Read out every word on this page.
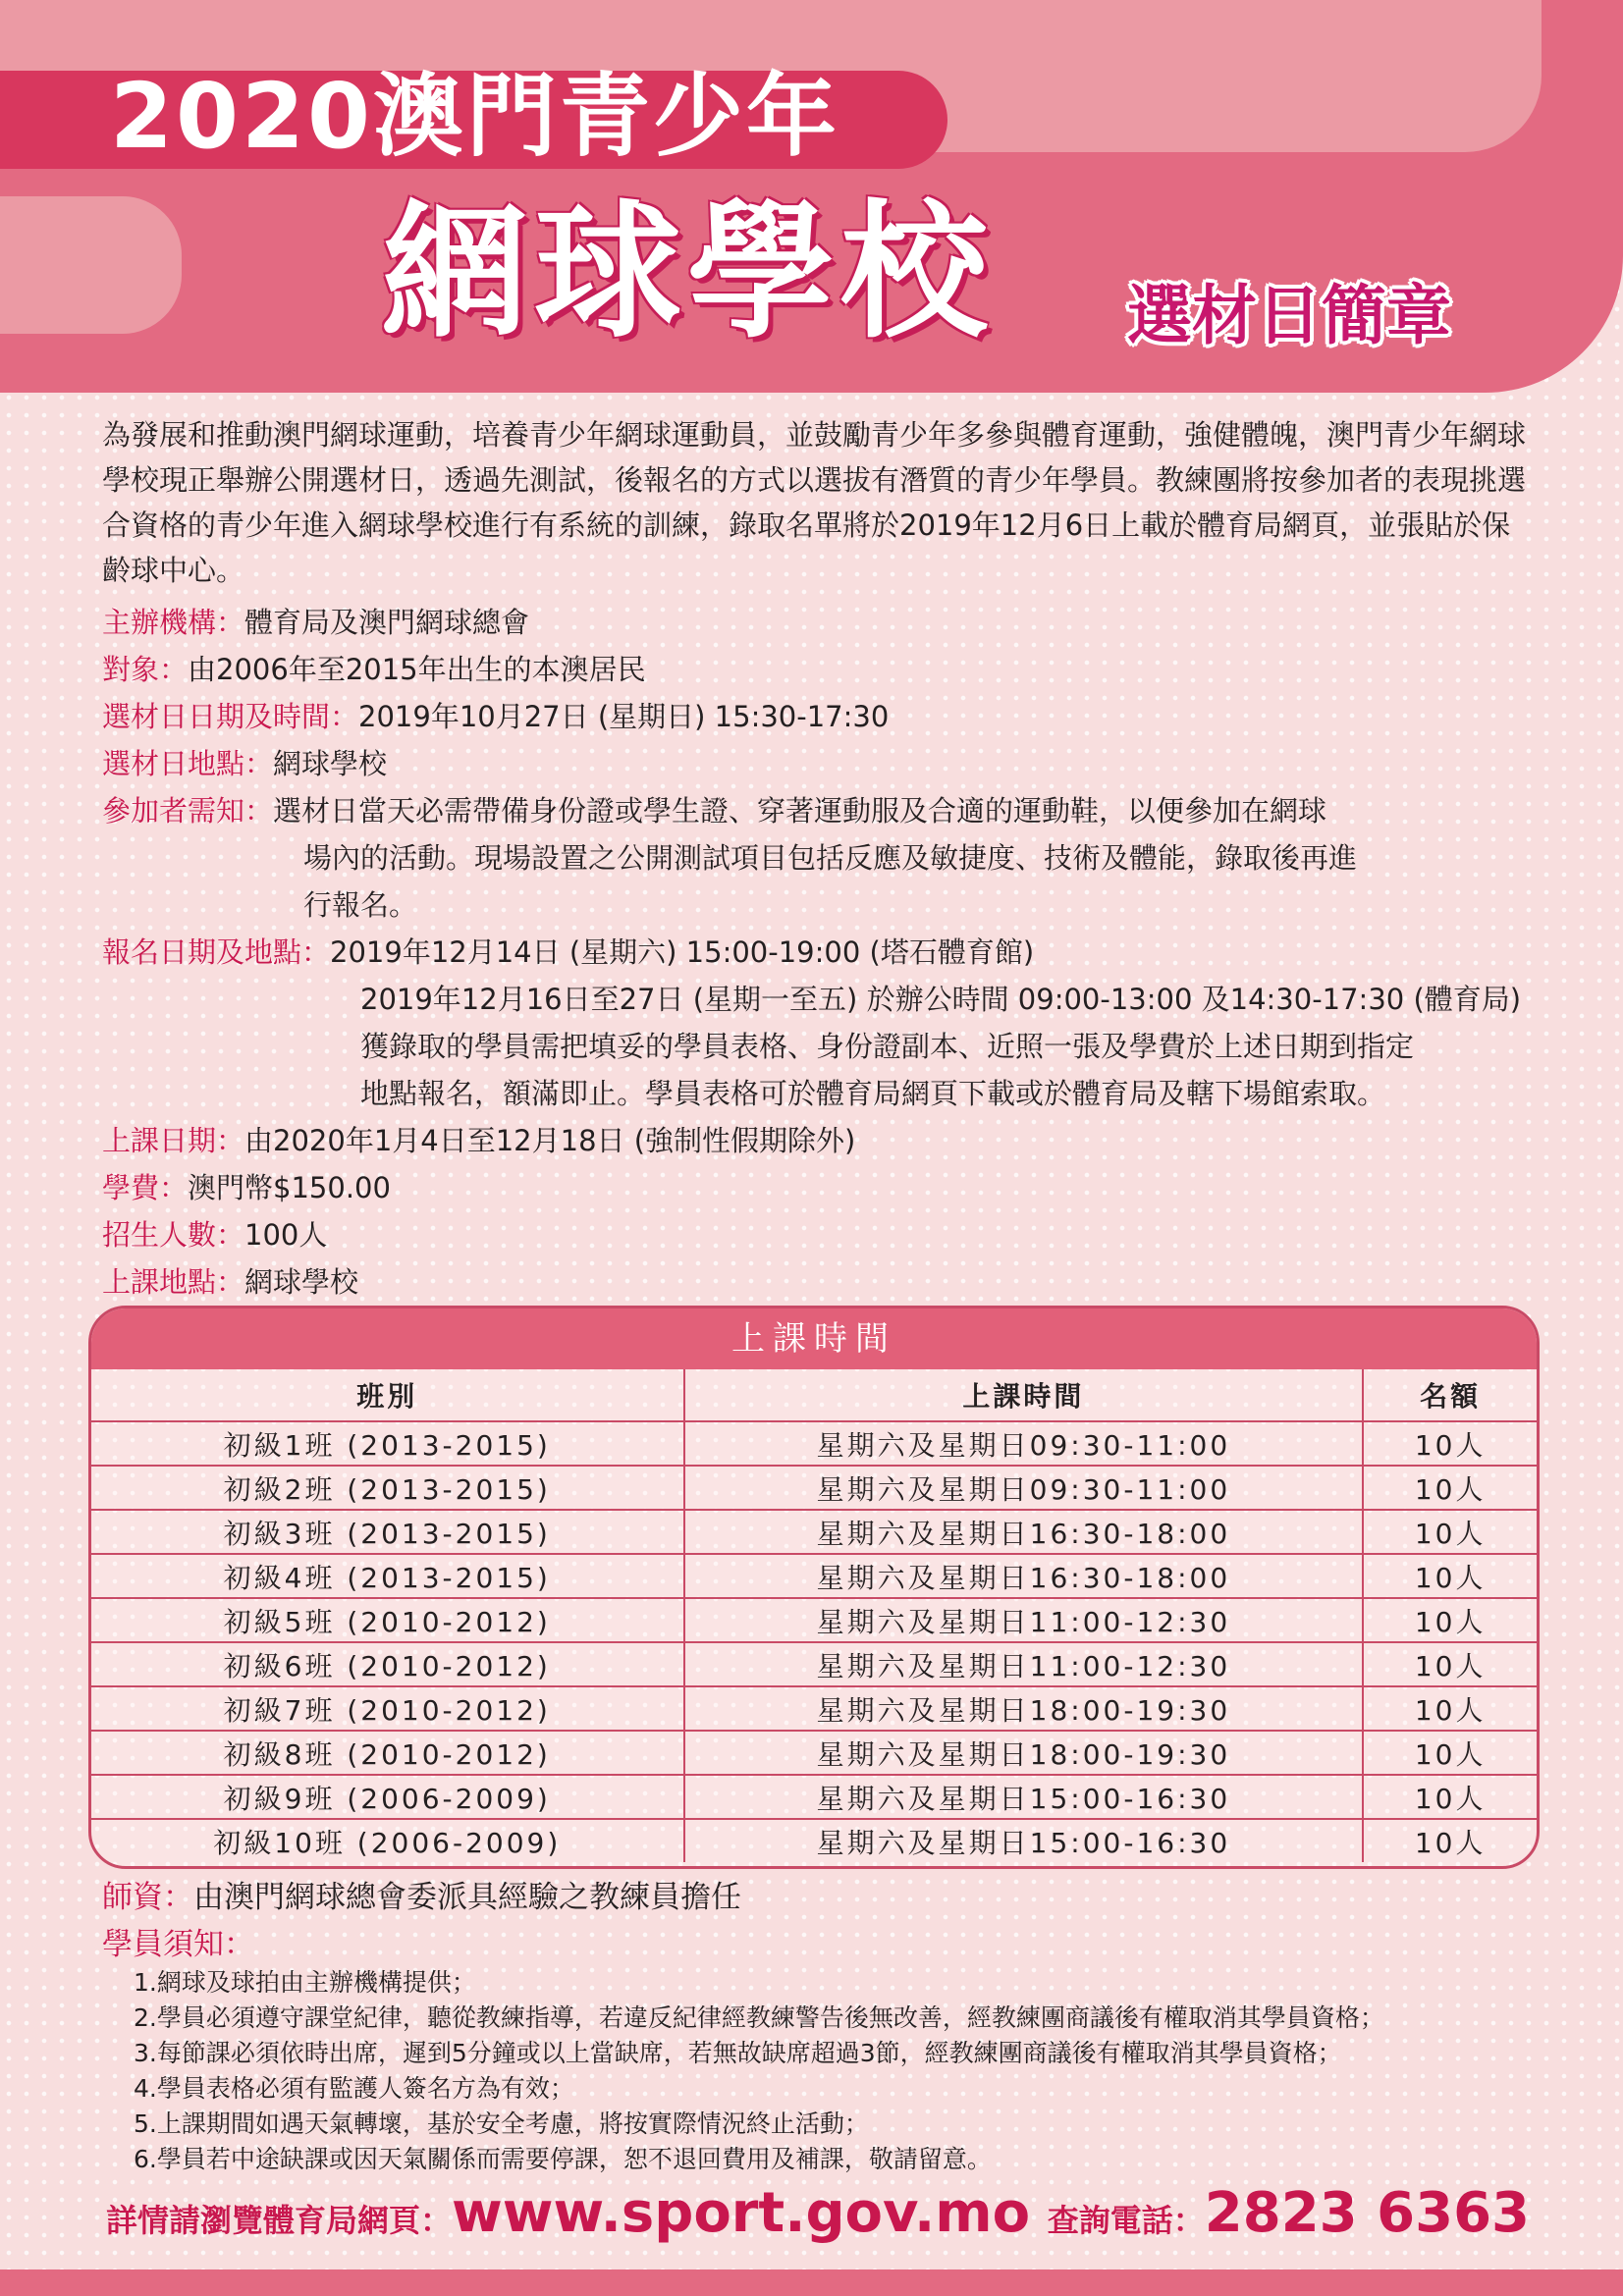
2020澳門青少年
網球學校 選材日簡章

為發展和推動澳門網球運動，培養青少年網球運動員，並鼓勵青少年多參與體育運動，強健體魄，澳門青少年網球學校現正舉辦公開選材日，透過先測試，後報名的方式以選拔有潛質的青少年學員。教練團將按參加者的表現挑選合資格的青少年進入網球學校進行有系統的訓練，錄取名單將於2019年12月6日上載於體育局網頁，並張貼於保齡球中心。

主辦機構： 體育局及澳門網球總會
對象： 由2006年至2015年出生的本澳居民
選材日日期及時間： 2019年10月27日 (星期日) 15:30-17:30
選材日地點： 網球學校
參加者需知： 選材日當天必需帶備身份證或學生證、穿著運動服及合適的運動鞋，以便參加在網球
場內的活動。現場設置之公開測試項目包括反應及敏捷度、技術及體能，錄取後再進
行報名。
報名日期及地點： 2019年12月14日 (星期六) 15:00-19:00 (塔石體育館)
2019年12月16日至27日 (星期一至五) 於辦公時間 09:00-13:00 及14:30-17:30 (體育局)
獲錄取的學員需把填妥的學員表格、身份證副本、近照一張及學費於上述日期到指定
地點報名，額滿即止。學員表格可於體育局網頁下載或於體育局及轄下場館索取。
上課日期： 由2020年1月4日至12月18日 (強制性假期除外)
學費： 澳門幣$150.00
招生人數： 100人
上課地點： 網球學校
上課時間
班別	上課時間	名額
初級1班 (2013-2015)	星期六及星期日09:30-11:00	10人
初級2班 (2013-2015)	星期六及星期日09:30-11:00	10人
初級3班 (2013-2015)	星期六及星期日16:30-18:00	10人
初級4班 (2013-2015)	星期六及星期日16:30-18:00	10人
初級5班 (2010-2012)	星期六及星期日11:00-12:30	10人
初級6班 (2010-2012)	星期六及星期日11:00-12:30	10人
初級7班 (2010-2012)	星期六及星期日18:00-19:30	10人
初級8班 (2010-2012)	星期六及星期日18:00-19:30	10人
初級9班 (2006-2009)	星期六及星期日15:00-16:30	10人
初級10班 (2006-2009)	星期六及星期日15:00-16:30	10人
師資： 由澳門網球總會委派具經驗之教練員擔任
學員須知：
1.網球及球拍由主辦機構提供；
2.學員必須遵守課堂紀律，聽從教練指導，若違反紀律經教練警告後無改善，經教練團商議後有權取消其學員資格；
3.每節課必須依時出席，遲到5分鐘或以上當缺席，若無故缺席超過3節，經教練團商議後有權取消其學員資格；
4.學員表格必須有監護人簽名方為有效；
5.上課期間如遇天氣轉壞，基於安全考慮，將按實際情況終止活動；
6.學員若中途缺課或因天氣關係而需要停課，恕不退回費用及補課，敬請留意。
詳情請瀏覽體育局網頁： www.sport.gov.mo 查詢電話： 2823 6363
